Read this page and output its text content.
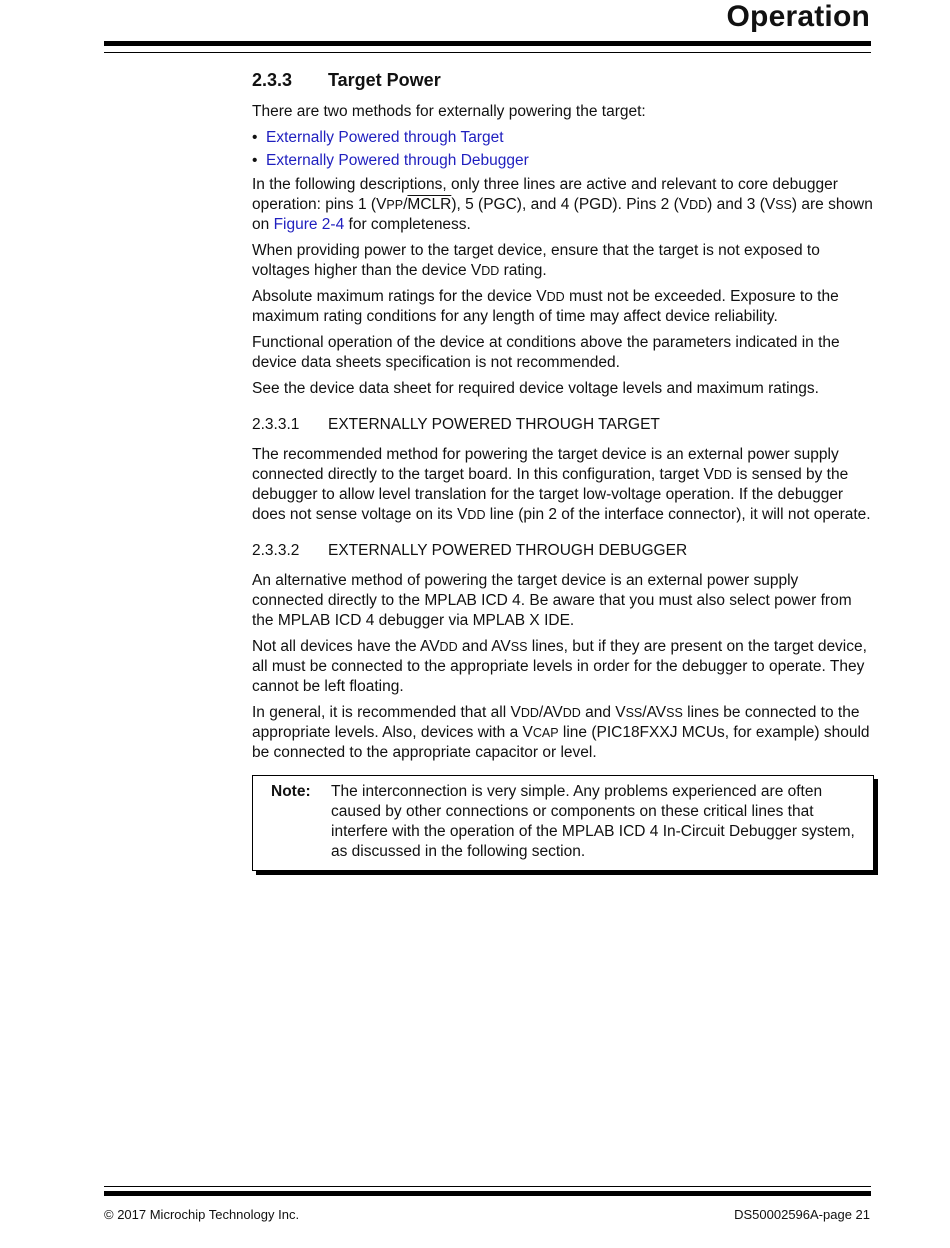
Operation
2.3.3	Target Power

There are two methods for externally powering the target:

• Externally Powered through Target
• Externally Powered through Debugger

In the following descriptions, only three lines are active and relevant to core debugger operation: pins 1 (VPP/MCLR), 5 (PGC), and 4 (PGD). Pins 2 (VDD) and 3 (VSS) are shown on Figure 2-4 for completeness.

When providing power to the target device, ensure that the target is not exposed to voltages higher than the device VDD rating.

Absolute maximum ratings for the device VDD must not be exceeded. Exposure to the maximum rating conditions for any length of time may affect device reliability.

Functional operation of the device at conditions above the parameters indicated in the device data sheets specification is not recommended.

See the device data sheet for required device voltage levels and maximum ratings.

2.3.3.1	EXTERNALLY POWERED THROUGH TARGET

The recommended method for powering the target device is an external power supply connected directly to the target board. In this configuration, target VDD is sensed by the debugger to allow level translation for the target low-voltage operation. If the debugger does not sense voltage on its VDD line (pin 2 of the interface connector), it will not operate.

2.3.3.2	EXTERNALLY POWERED THROUGH DEBUGGER

An alternative method of powering the target device is an external power supply connected directly to the MPLAB ICD 4. Be aware that you must also select power from the MPLAB ICD 4 debugger via MPLAB X IDE.

Not all devices have the AVDD and AVSS lines, but if they are present on the target device, all must be connected to the appropriate levels in order for the debugger to operate. They cannot be left floating.

In general, it is recommended that all VDD/AVDD and VSS/AVSS lines be connected to the appropriate levels. Also, devices with a VCAP line (PIC18FXXJ MCUs, for example) should be connected to the appropriate capacitor or level.

Note:	The interconnection is very simple. Any problems experienced are often caused by other connections or components on these critical lines that interfere with the operation of the MPLAB ICD 4 In-Circuit Debugger system, as discussed in the following section.
© 2017 Microchip Technology Inc.	DS50002596A-page 21
